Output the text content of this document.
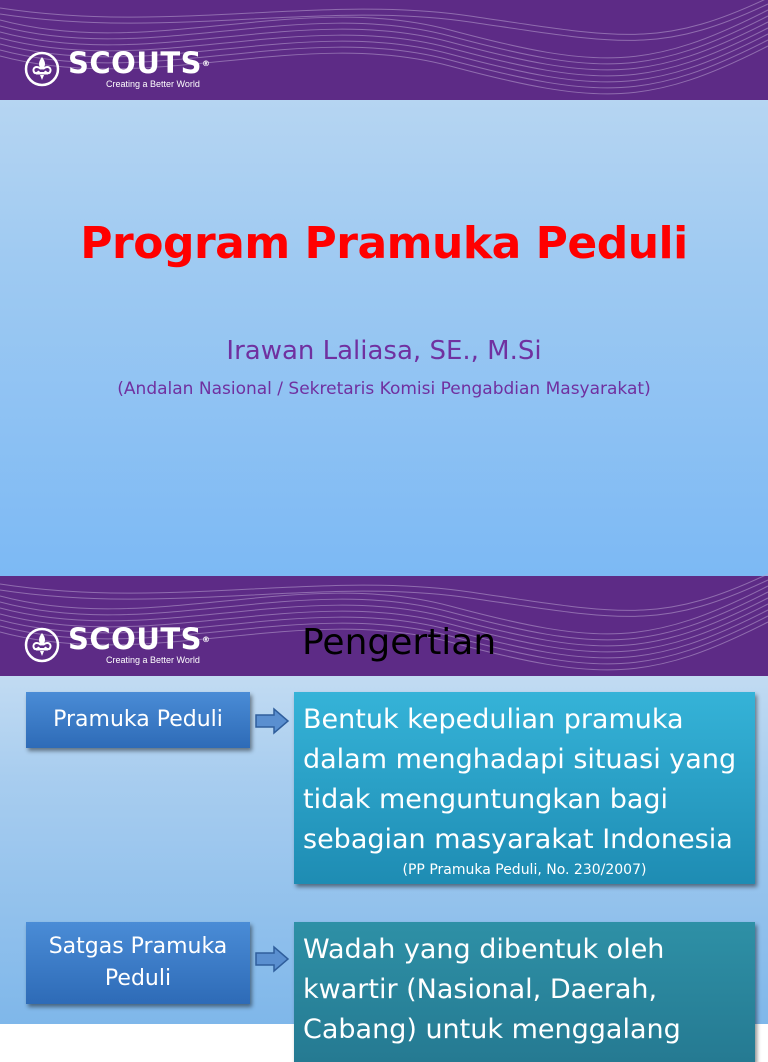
SCOUTS®
Creating a Better World
Program Pramuka Peduli
Irawan Laliasa, SE., M.Si
(Andalan Nasional / Sekretaris Komisi Pengabdian Masyarakat)
SCOUTS®
Creating a Better World	Pengertian
Pramuka Peduli	Bentuk kepedulian pramuka dalam menghadapi situasi yang tidak menguntungkan bagi sebagian masyarakat Indonesia
(PP Pramuka Peduli, No. 230/2007)
Satgas Pramuka Peduli
Wadah yang dibentuk oleh kwartir (Nasional, Daerah, Cabang) untuk menggalang
